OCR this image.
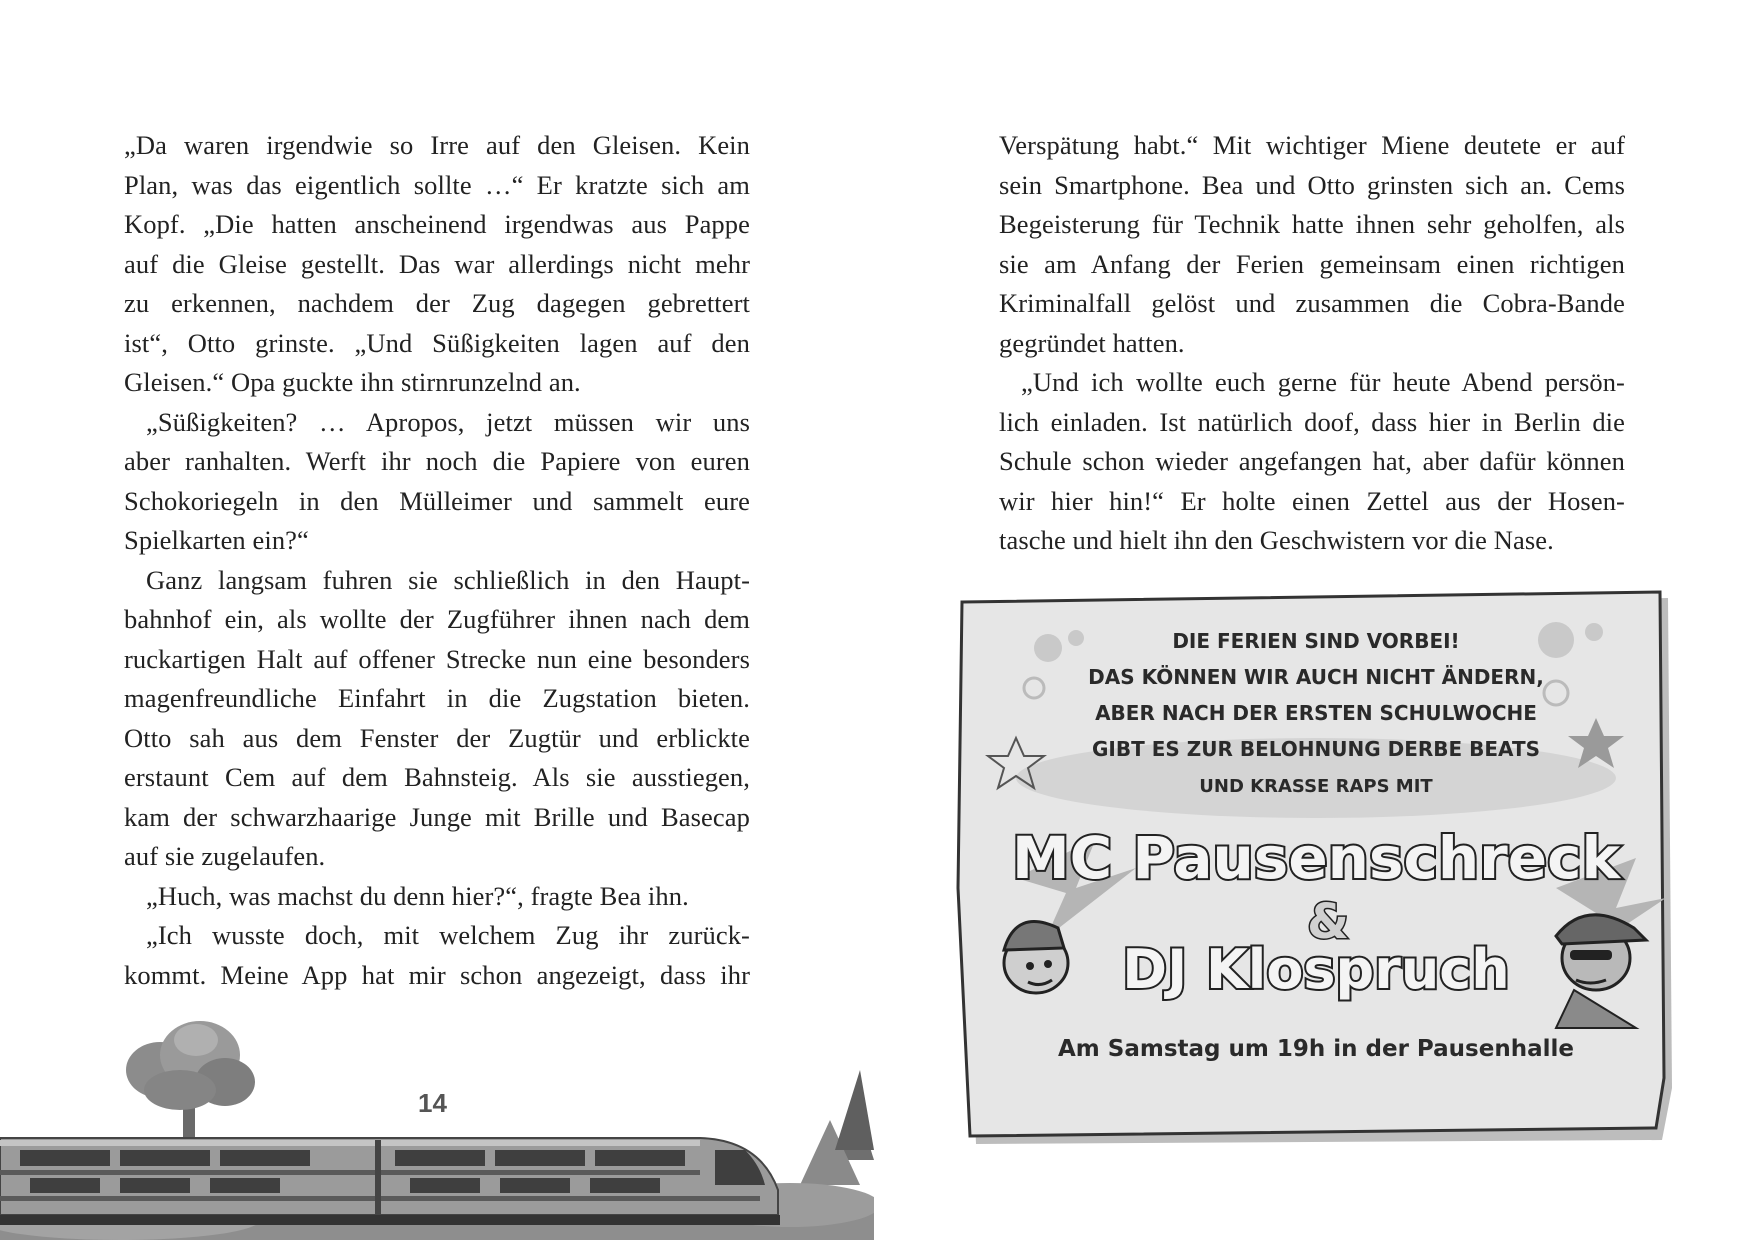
„Da waren irgendwie so Irre auf den Gleisen. Kein
Plan, was das eigentlich sollte …“ Er kratzte sich am
Kopf. „Die hatten anscheinend irgendwas aus Pappe
auf die Gleise gestellt. Das war allerdings nicht mehr
zu erkennen, nachdem der Zug dagegen gebrettert
ist“, Otto grinste. „Und Süßigkeiten lagen auf den
Gleisen.“ Opa guckte ihn stirnrunzelnd an.
„Süßigkeiten? … Apropos, jetzt müssen wir uns
aber ranhalten. Werft ihr noch die Papiere von euren
Schokoriegeln in den Mülleimer und sammelt eure
Spielkarten ein?“
Ganz langsam fuhren sie schließlich in den Haupt-
bahnhof ein, als wollte der Zugführer ihnen nach dem
ruckartigen Halt auf offener Strecke nun eine besonders
magenfreundliche Einfahrt in die Zugstation bieten.
Otto sah aus dem Fenster der Zugtür und erblickte
erstaunt Cem auf dem Bahnsteig. Als sie ausstiegen,
kam der schwarzhaarige Junge mit Brille und Basecap
auf sie zugelaufen.
„Huch, was machst du denn hier?“, fragte Bea ihn.
„Ich wusste doch, mit welchem Zug ihr zurück-
kommt. Meine App hat mir schon angezeigt, dass ihr
14
Verspätung habt.“ Mit wichtiger Miene deutete er auf
sein Smartphone. Bea und Otto grinsten sich an. Cems
Begeisterung für Technik hatte ihnen sehr geholfen, als
sie am Anfang der Ferien gemeinsam einen richtigen
Kriminalfall gelöst und zusammen die Cobra-Bande
gegründet hatten.
„Und ich wollte euch gerne für heute Abend persön-
lich einladen. Ist natürlich doof, dass hier in Berlin die
Schule schon wieder angefangen hat, aber dafür können
wir hier hin!“ Er holte einen Zettel aus der Hosen-
tasche und hielt ihn den Geschwistern vor die Nase.
DIE FERIEN SIND VORBEI!
DAS KÖNNEN WIR AUCH NICHT ÄNDERN,
ABER NACH DER ERSTEN SCHULWOCHE
GIBT ES ZUR BELOHNUNG DERBE BEATS
UND KRASSE RAPS MIT
MC Pausenschreck
&
DJ Klospruch
Am Samstag um 19h in der Pausenhalle
